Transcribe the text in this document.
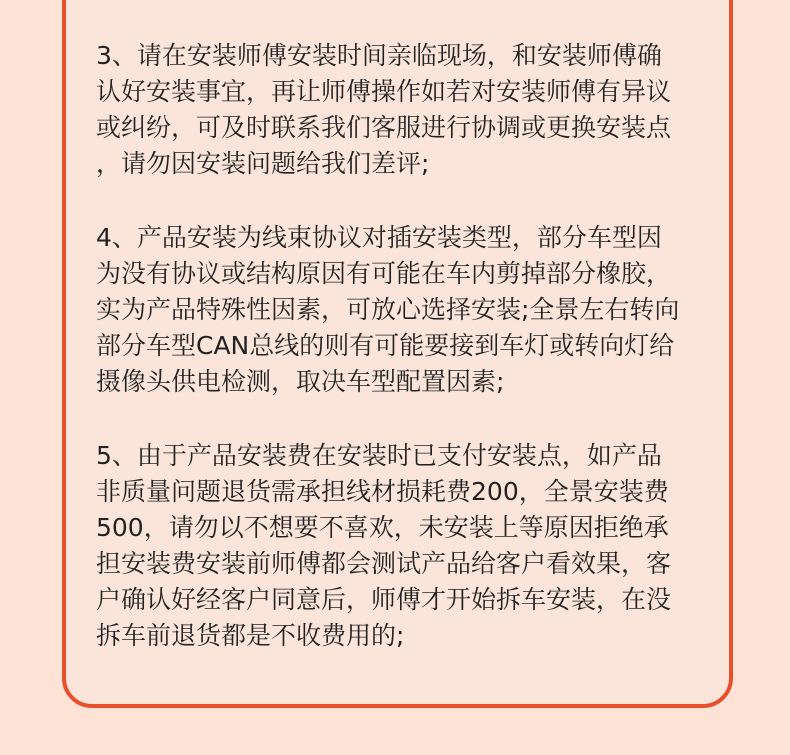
3、请在安装师傅安装时间亲临现场，和安装师傅确
认好安装事宜，再让师傅操作如若对安装师傅有异议
或纠纷，可及时联系我们客服进行协调或更换安装点
，请勿因安装问题给我们差评;

4、产品安装为线束协议对插安装类型，部分车型因
为没有协议或结构原因有可能在车内剪掉部分橡胶，
实为产品特殊性因素，可放心选择安装;全景左右转向
部分车型CAN总线的则有可能要接到车灯或转向灯给
摄像头供电检测，取决车型配置因素;

5、由于产品安装费在安装时已支付安装点，如产品
非质量问题退货需承担线材损耗费200，全景安装费
500，请勿以不想要不喜欢，未安装上等原因拒绝承
担安装费安装前师傅都会测试产品给客户看效果，客
户确认好经客户同意后，师傅才开始拆车安装，在没
拆车前退货都是不收费用的;
